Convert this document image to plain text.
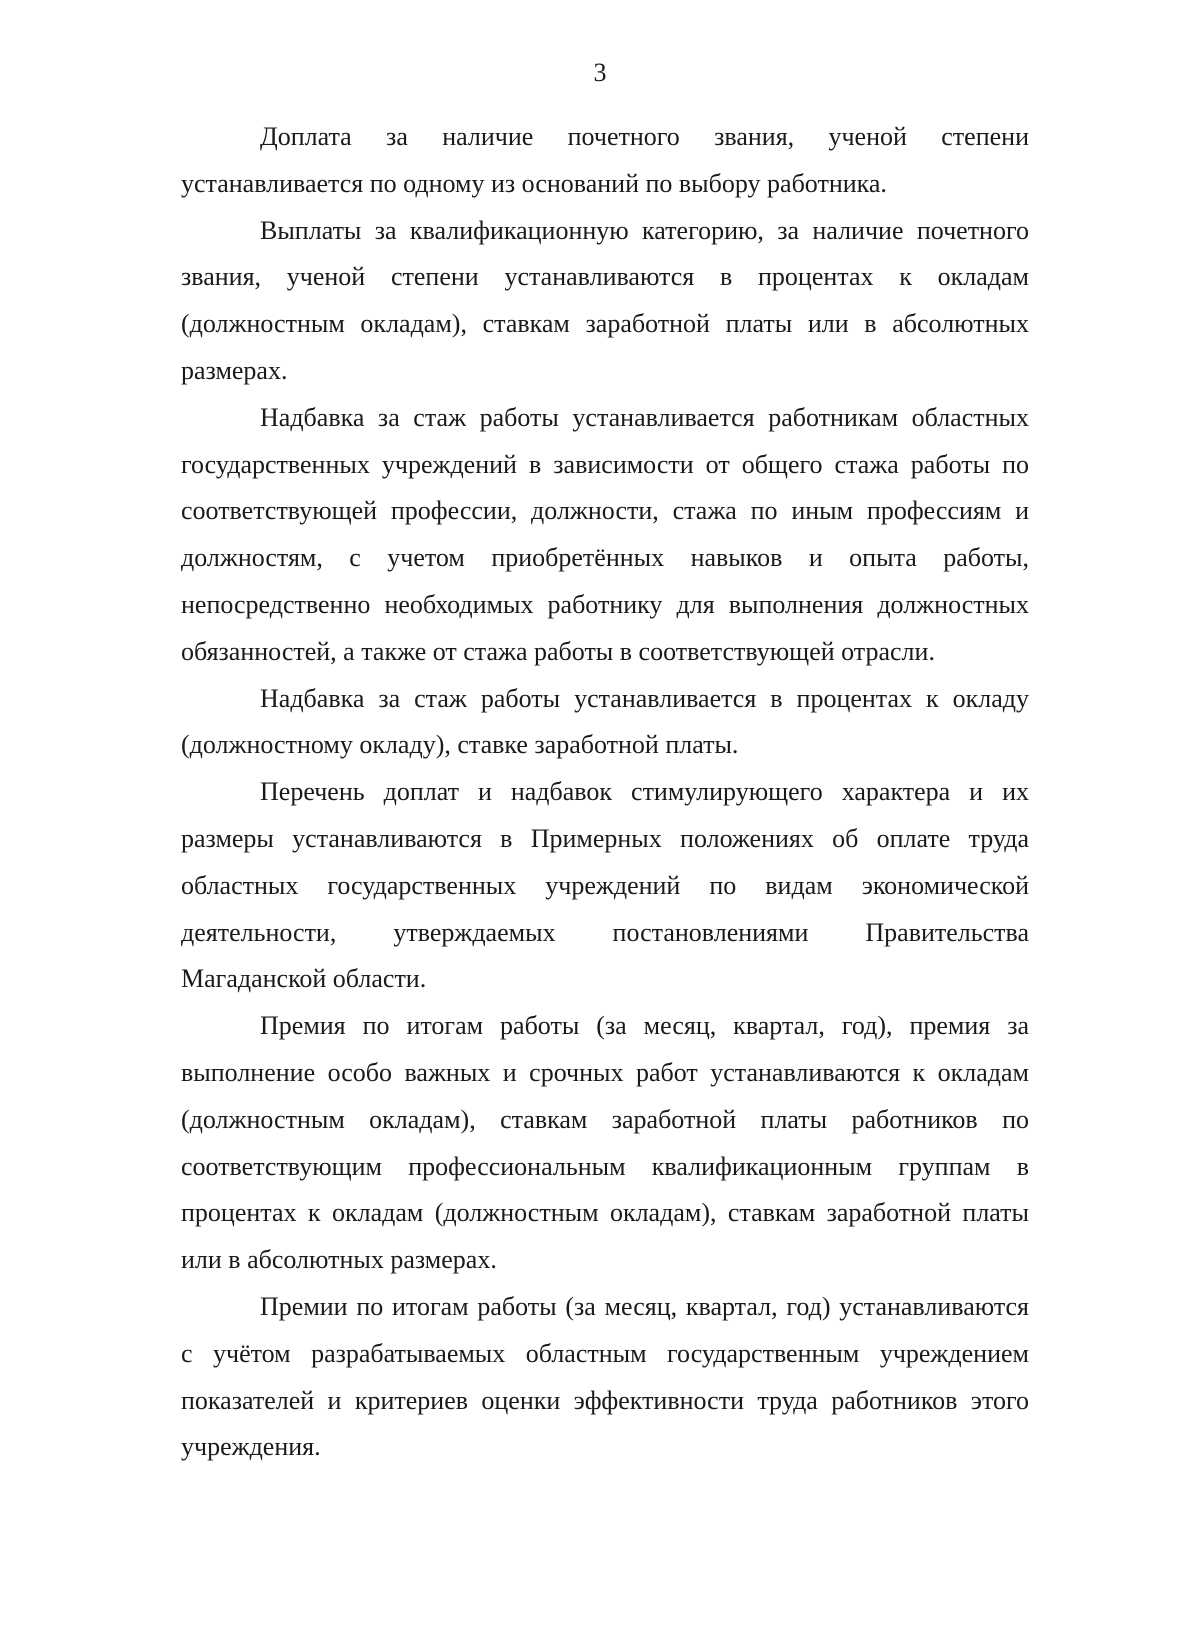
3

Доплата за наличие почетного звания, ученой степени устанавливается по одному из оснований по выбору работника.

Выплаты за квалификационную категорию, за наличие почетного звания, ученой степени устанавливаются в процентах к окладам (должностным окладам), ставкам заработной платы или в абсолютных размерах.

Надбавка за стаж работы устанавливается работникам областных государственных учреждений в зависимости от общего стажа работы по соответствующей профессии, должности, стажа по иным профессиям и должностям, с учетом приобретённых навыков и опыта работы, непосредственно необходимых работнику для выполнения должностных обязанностей, а также от стажа работы в соответствующей отрасли.

Надбавка за стаж работы устанавливается в процентах к окладу (должностному окладу), ставке заработной платы.

Перечень доплат и надбавок стимулирующего характера и их размеры устанавливаются в Примерных положениях об оплате труда областных государственных учреждений по видам экономической деятельности, утверждаемых постановлениями Правительства Магаданской области.

Премия по итогам работы (за месяц, квартал, год), премия за выполнение особо важных и срочных работ устанавливаются к окладам (должностным окладам), ставкам заработной платы работников по соответствующим профессиональным квалификационным группам в процентах к окладам (должностным окладам), ставкам заработной платы или в абсолютных размерах.

Премии по итогам работы (за месяц, квартал, год) устанавливаются с учётом разрабатываемых областным государственным учреждением показателей и критериев оценки эффективности труда работников этого учреждения.
